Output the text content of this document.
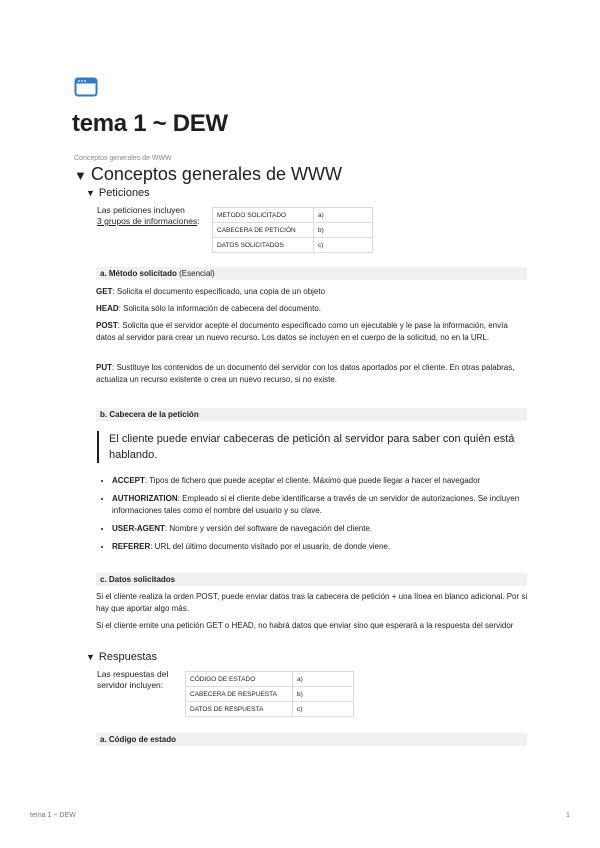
tema 1 ~ DEW
Conceptos generales de WWW
▼ Conceptos generales de WWW
▼ Peticiones
Las peticiones incluyen
3 grupos de informaciones:
METODO SOLICITADO	a)
CABECERA DE PETICIÓN	b)
DATOS SOLICITADOS	c)
a. Método solicitado (Esencial)
GET: Solicita el documento especificado, una copia de un objeto
HEAD: Solicita sólo la información de cabecera del documento.
POST: Solicita que el servidor acepte el documento especificado como un ejecutable y le pase la información, envía datos al servidor para crear un nuevo recurso. Los datos se incluyen en el cuerpo de la solicitud, no en la URL.
PUT: Sustituye los contenidos de un documento del servidor con los datos aportados por el cliente. En otras palabras, actualiza un recurso existente o crea un nuevo recurso, si no existe.
b. Cabecera de la petición
El cliente puede enviar cabeceras de petición al servidor para saber con quién está hablando.
• ACCEPT: Tipos de fichero que puede aceptar el cliente. Máximo que puede llegar a hacer el navegador
• AUTHORIZATION: Empleado si el cliente debe identificarse a través de un servidor de autorizaciones. Se incluyen informaciones tales como el nombre del usuario y su clave.
• USER-AGENT: Nombre y versión del software de navegación del cliente.
• REFERER: URL del último documento visitado por el usuario, de donde viene.
c. Datos solicitados
Si el cliente realiza la orden POST, puede enviar datos tras la cabecera de petición + una línea en blanco adicional. Por si hay que aportar algo más.
Si el cliente emite una petición GET o HEAD, no habrá datos que enviar sino que esperará a la respuesta del servidor
▼ Respuestas
Las respuestas del servidor incluyen:
CÓDIGO DE ESTADO	a)
CABECERA DE RESPUESTA	b)
DATOS DE RESPUESTA	c)
a. Código de estado
tema 1 ~ DEW	1
